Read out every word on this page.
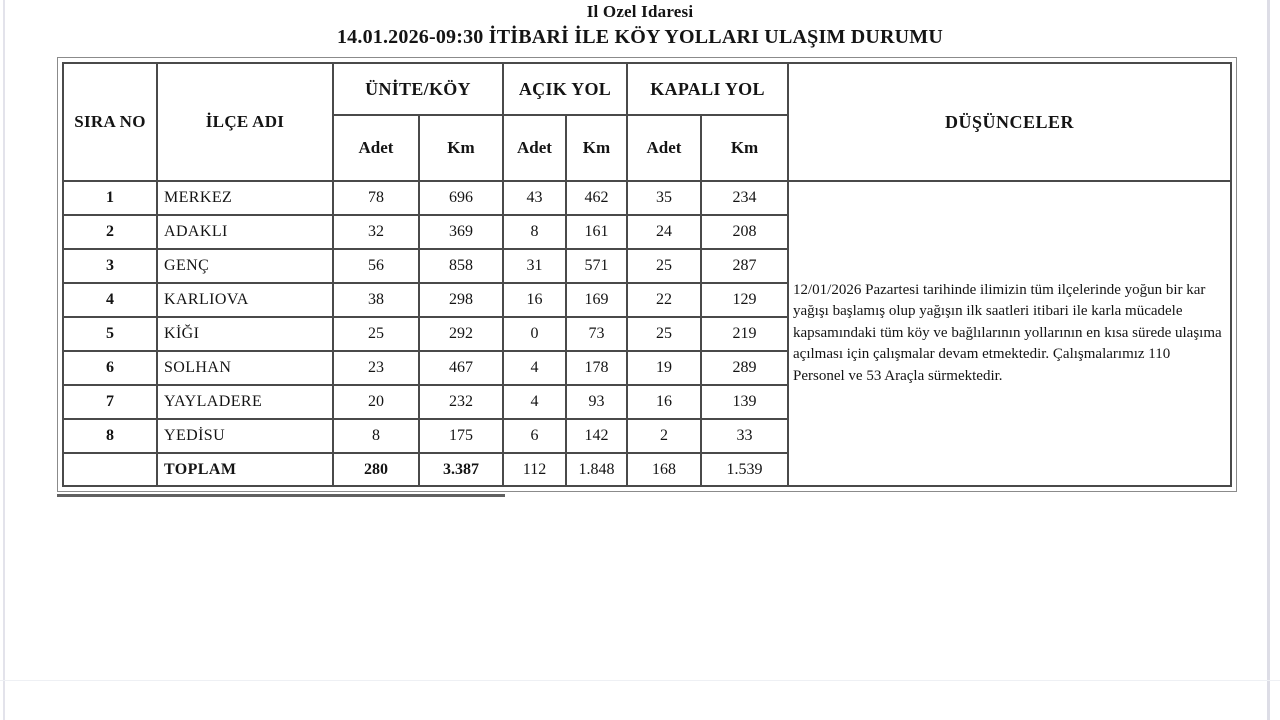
Il Ozel Idaresi
14.01.2026-09:30 İTİBARİ İLE KÖY YOLLARI ULAŞIM DURUMU
SIRA NO	İLÇE ADI	ÜNİTE/KÖY		AÇIK YOL		KAPALI YOL		DÜŞÜNCELER
		Adet	Km	Adet	Km	Adet	Km	
1	MERKEZ	78	696	43	462	35	234	12/01/2026 Pazartesi tarihinde ilimizin tüm ilçelerinde yoğun bir kar yağışı başlamış olup yağışın ilk saatleri itibari ile karla mücadele kapsamındaki tüm köy ve bağlılarının yollarının en kısa sürede ulaşıma açılması için çalışmalar devam etmektedir. Çalışmalarımız 110 Personel ve 53 Araçla sürmektedir.

2	ADAKLI	32	369	8	161	24	208	
3	GENÇ	56	858	31	571	25	287	
4	KARLIOVA	38	298	16	169	22	129	
5	KİĞI	25	292	0	73	25	219	
6	SOLHAN	23	467	4	178	19	289	
7	YAYLADERE	20	232	4	93	16	139	
8	YEDİSU	8	175	6	142	2	33	
	TOPLAM	280	3.387	112	1.848	168	1.539	
